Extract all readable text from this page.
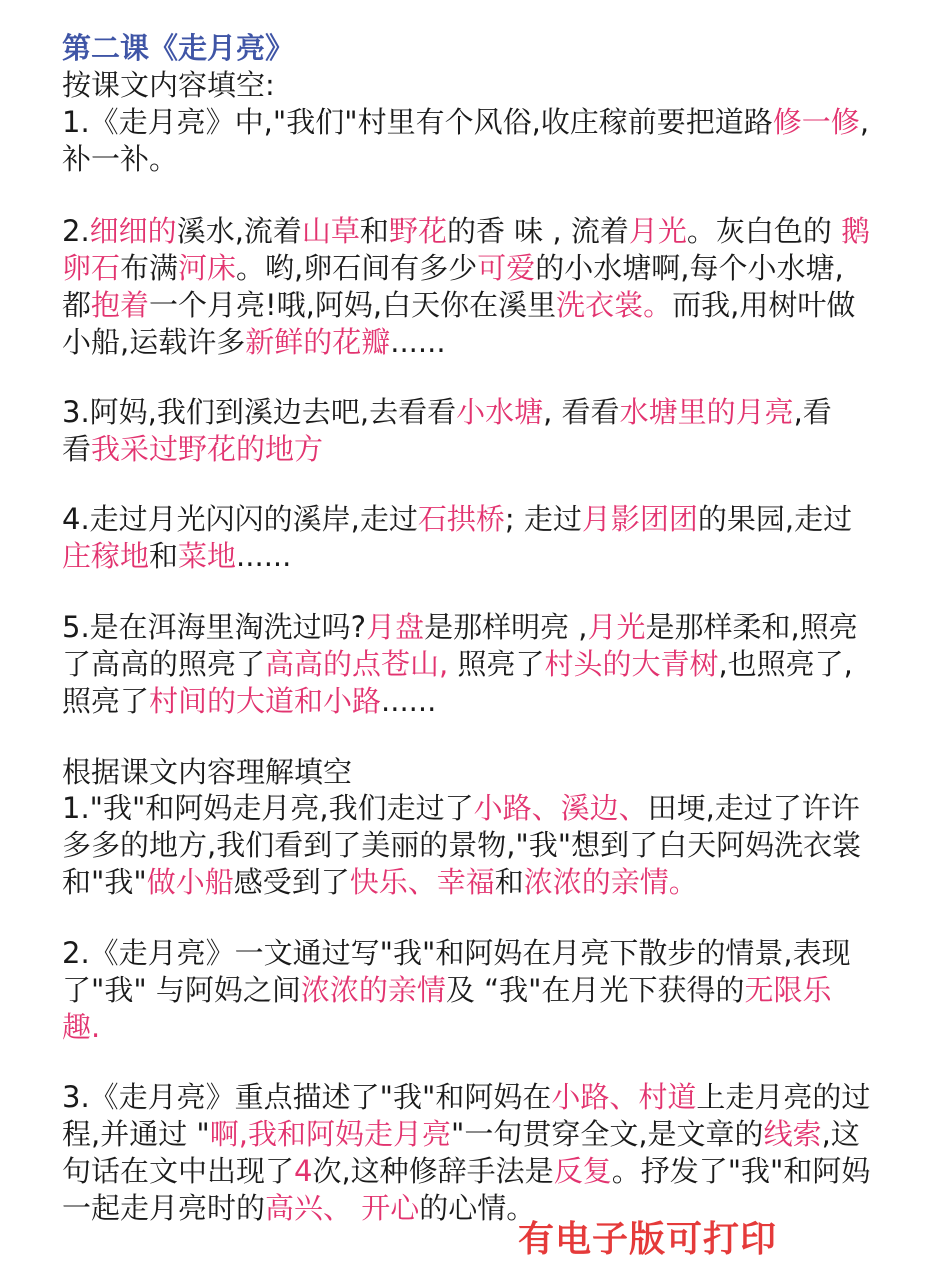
第二课《走月亮》
按课文内容填空:
1.《走月亮》中,"我们"村里有个风俗,收庄稼前要把道路修一修,
补一补。
2.细细的溪水,流着山草和野花的香 味 , 流着月光。灰白色的 鹅
卵石布满河床。哟,卵石间有多少可爱的小水塘啊,每个小水塘,
都抱着一个月亮!哦,阿妈,白天你在溪里洗衣裳。而我,用树叶做
小船,运载许多新鲜的花瓣......
3.阿妈,我们到溪边去吧,去看看小水塘, 看看水塘里的月亮,看
看我采过野花的地方
4.走过月光闪闪的溪岸,走过石拱桥; 走过月影团团的果园,走过
庄稼地和菜地......
5.是在洱海里淘洗过吗?月盘是那样明亮 ,月光是那样柔和,照亮
了高高的照亮了高高的点苍山, 照亮了村头的大青树,也照亮了,
照亮了村间的大道和小路......
根据课文内容理解填空
1."我"和阿妈走月亮,我们走过了小路、溪边、田埂,走过了许许
多多的地方,我们看到了美丽的景物,"我"想到了白天阿妈洗衣裳
和"我"做小船感受到了快乐、幸福和浓浓的亲情。
2.《走月亮》一文通过写"我"和阿妈在月亮下散步的情景,表现
了"我" 与阿妈之间浓浓的亲情及 “我"在月光下获得的无限乐
趣.
3.《走月亮》重点描述了"我"和阿妈在小路、村道上走月亮的过
程,并通过 "啊,我和阿妈走月亮"一句贯穿全文,是文章的线索,这
句话在文中出现了4次,这种修辞手法是反复。抒发了"我"和阿妈
一起走月亮时的高兴、 开心的心情。
有电子版可打印
